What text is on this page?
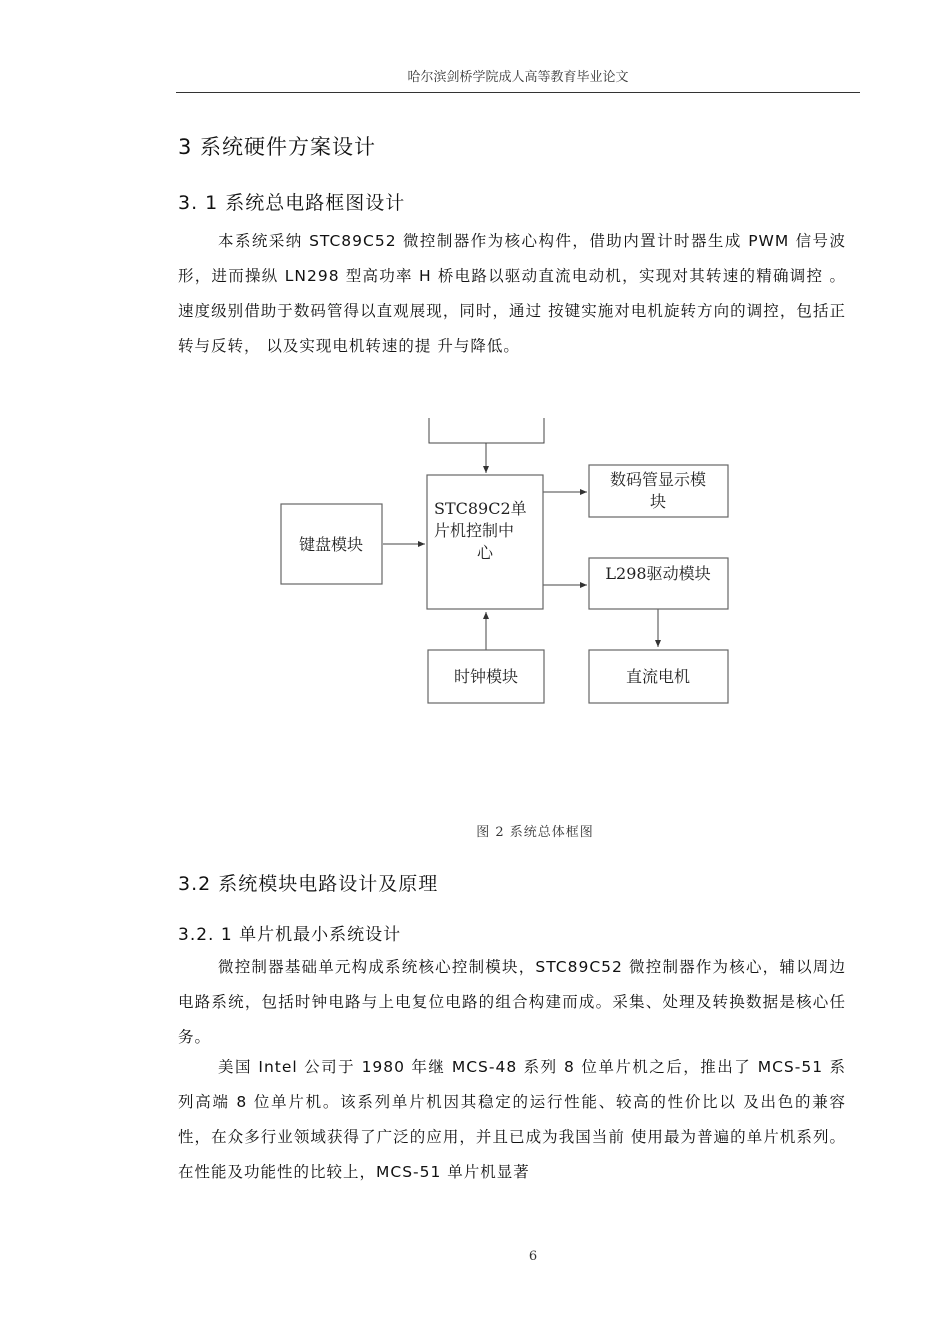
哈尔滨剑桥学院成人高等教育毕业论文
3 系统硬件方案设计
3. 1 系统总电路框图设计
本系统采纳 STC89C52 微控制器作为核心构件，借助内置计时器生成 PWM 信号波形，进而操纵 LN298 型高功率 H 桥电路以驱动直流电动机，实现对其转速的精确调控 。速度级别借助于数码管得以直观展现，同时，通过 按键实施对电机旋转方向的调控，包括正转与反转， 以及实现电机转速的提 升与降低。
STC89C2单
片机控制中
心
键盘模块
数码管显示模
块
L298驱动模块
时钟模块	直流电机
图 2 系统总体框图
3.2 系统模块电路设计及原理
3.2. 1 单片机最小系统设计
微控制器基础单元构成系统核心控制模块，STC89C52 微控制器作为核心，辅以周边电路系统，包括时钟电路与上电复位电路的组合构建而成。采集、处理及转换数据是核心任务。
美国 Intel 公司于 1980 年继 MCS-48 系列 8 位单片机之后，推出了 MCS-51 系列高端 8 位单片机。该系列单片机因其稳定的运行性能、较高的性价比以 及出色的兼容性，在众多行业领域获得了广泛的应用，并且已成为我国当前 使用最为普遍的单片机系列。在性能及功能性的比较上，MCS-51 单片机显著
6
